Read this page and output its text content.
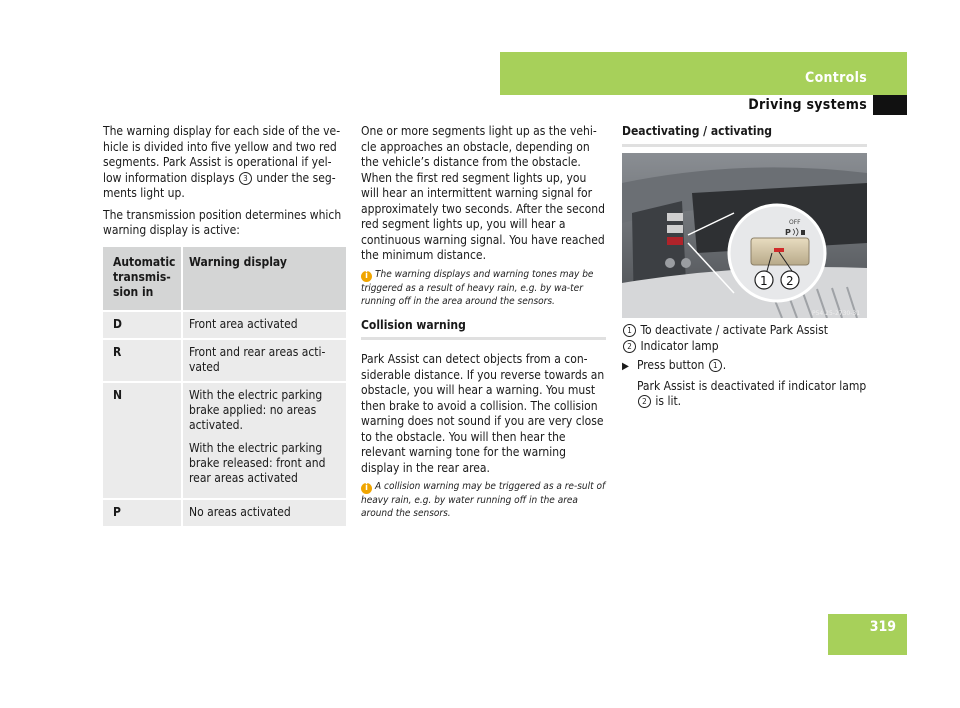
Controls
Driving systems

The warning display for each side of the ve-hicle is divided into five yellow and two red segments. Park Assist is operational if yel-low information displays 3 under the seg-ments light up.

The transmission position determines which warning display is active:

Automatic transmis-sion in	Warning display
D	Front area activated
R	Front and rear areas acti-vated
N	With the electric parking brake applied: no areas activated.
With the electric parking brake released: front and rear areas activated

P	No areas activated

One or more segments light up as the vehi-cle approaches an obstacle, depending on the vehicle’s distance from the obstacle. When the first red segment lights up, you will hear an intermittent warning signal for approximately two seconds. After the second red segment lights up, you will hear a continuous warning signal. You have reached the minimum distance.

i The warning displays and warning tones may be triggered as a result of heavy rain, e.g. by wa-ter running off in the area around the sensors.
Collision warning

Park Assist can detect objects from a con-siderable distance. If you reverse towards an obstacle, you will hear a warning. You must then brake to avoid a collision. The collision warning does not sound if you are very close to the obstacle. You will then hear the relevant warning tone for the warning display in the rear area.

i A collision warning may be triggered as a re-sult of heavy rain, e.g. by water running off in the area around the sensors.
Deactivating / activating
OFF
P
1 2
P54.25-2730-31
1 To deactivate / activate Park Assist
2 Indicator lamp
▶ Press button 1 .
Park Assist is deactivated if indicator lamp 2 is lit.
319
